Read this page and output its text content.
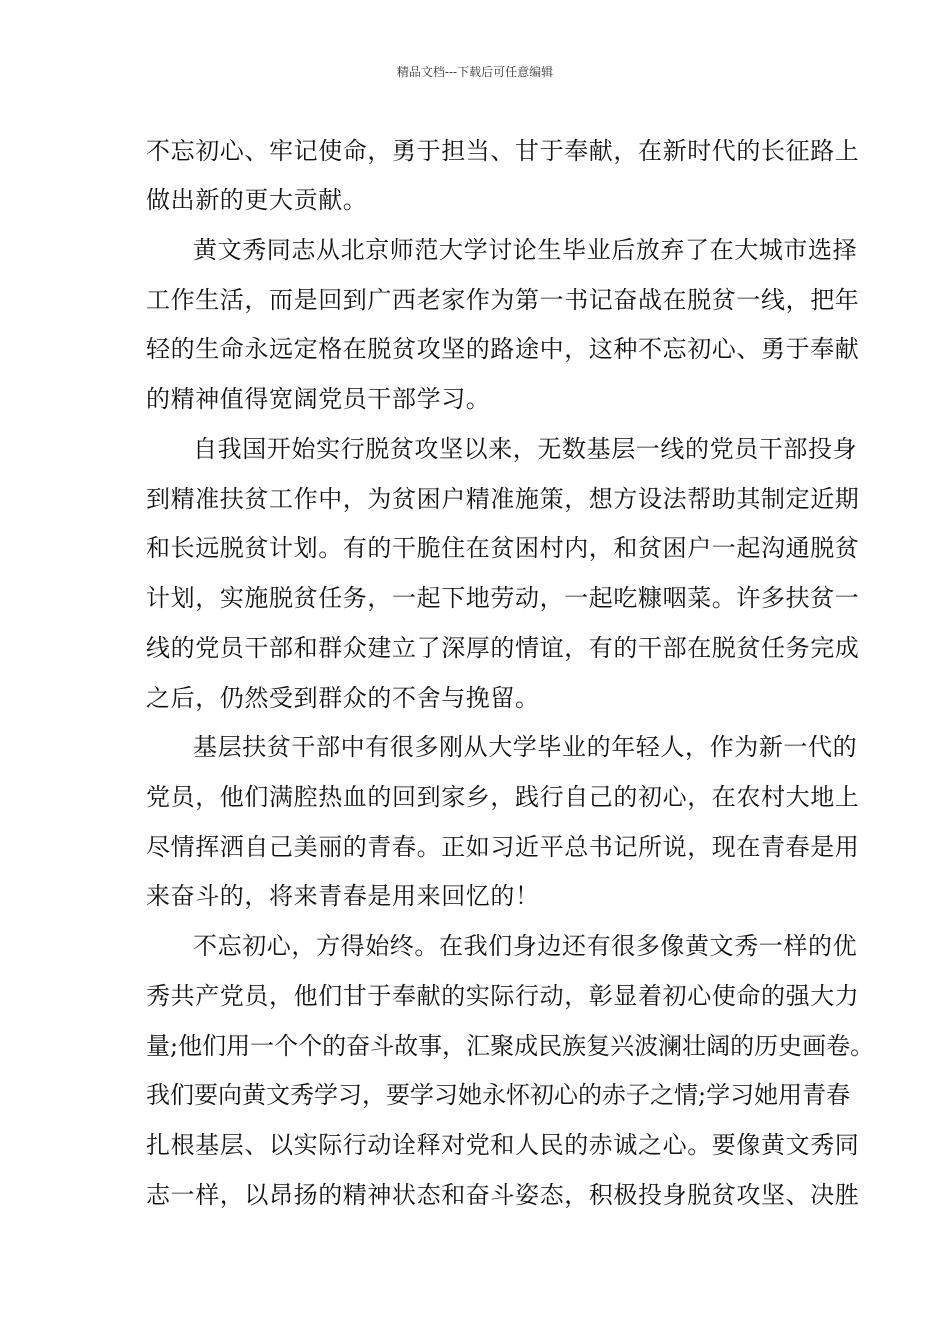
精品文档---下载后可任意编辑
不忘初心、牢记使命，勇于担当、甘于奉献，在新时代的长征路上
做出新的更大贡献。
黄文秀同志从北京师范大学讨论生毕业后放弃了在大城市选择
工作生活，而是回到广西老家作为第一书记奋战在脱贫一线，把年
轻的生命永远定格在脱贫攻坚的路途中，这种不忘初心、勇于奉献
的精神值得宽阔党员干部学习。
自我国开始实行脱贫攻坚以来，无数基层一线的党员干部投身
到精准扶贫工作中，为贫困户精准施策，想方设法帮助其制定近期
和长远脱贫计划。有的干脆住在贫困村内，和贫困户一起沟通脱贫
计划，实施脱贫任务，一起下地劳动，一起吃糠咽菜。许多扶贫一
线的党员干部和群众建立了深厚的情谊，有的干部在脱贫任务完成
之后，仍然受到群众的不舍与挽留。
基层扶贫干部中有很多刚从大学毕业的年轻人，作为新一代的
党员，他们满腔热血的回到家乡，践行自己的初心，在农村大地上
尽情挥洒自己美丽的青春。正如习近平总书记所说，现在青春是用
来奋斗的，将来青春是用来回忆的！
不忘初心，方得始终。在我们身边还有很多像黄文秀一样的优
秀共产党员，他们甘于奉献的实际行动，彰显着初心使命的强大力
量;他们用一个个的奋斗故事，汇聚成民族复兴波澜壮阔的历史画卷。
我们要向黄文秀学习，要学习她永怀初心的赤子之情;学习她用青春
扎根基层、以实际行动诠释对党和人民的赤诚之心。要像黄文秀同
志一样，以昂扬的精神状态和奋斗姿态，积极投身脱贫攻坚、决胜
